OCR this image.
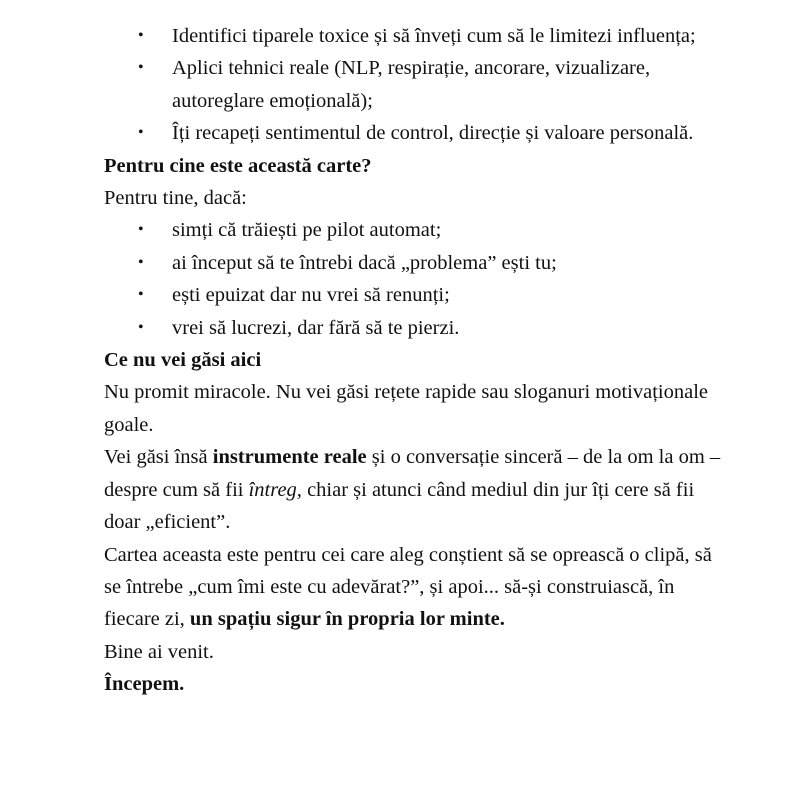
• Identifici tiparele toxice și să înveți cum să le limitezi influența;
• Aplici tehnici reale (NLP, respirație, ancorare, vizualizare, autoreglare emoțională);
• Îți recapeți sentimentul de control, direcție și valoare personală.

Pentru cine este această carte?

Pentru tine, dacă:

• simți că trăiești pe pilot automat;
• ai început să te întrebi dacă „problema” ești tu;
• ești epuizat dar nu vrei să renunți;
• vrei să lucrezi, dar fără să te pierzi.

Ce nu vei găsi aici

Nu promit miracole. Nu vei găsi rețete rapide sau sloganuri motivaționale goale.

Vei găsi însă instrumente reale și o conversație sinceră – de la om la om – despre cum să fii întreg, chiar și atunci când mediul din jur îți cere să fii doar „eficient”.

Cartea aceasta este pentru cei care aleg conștient să se oprească o clipă, să se întrebe „cum îmi este cu adevărat?”, și apoi... să-și construiască, în fiecare zi, un spațiu sigur în propria lor minte.

Bine ai venit.

Începem.
